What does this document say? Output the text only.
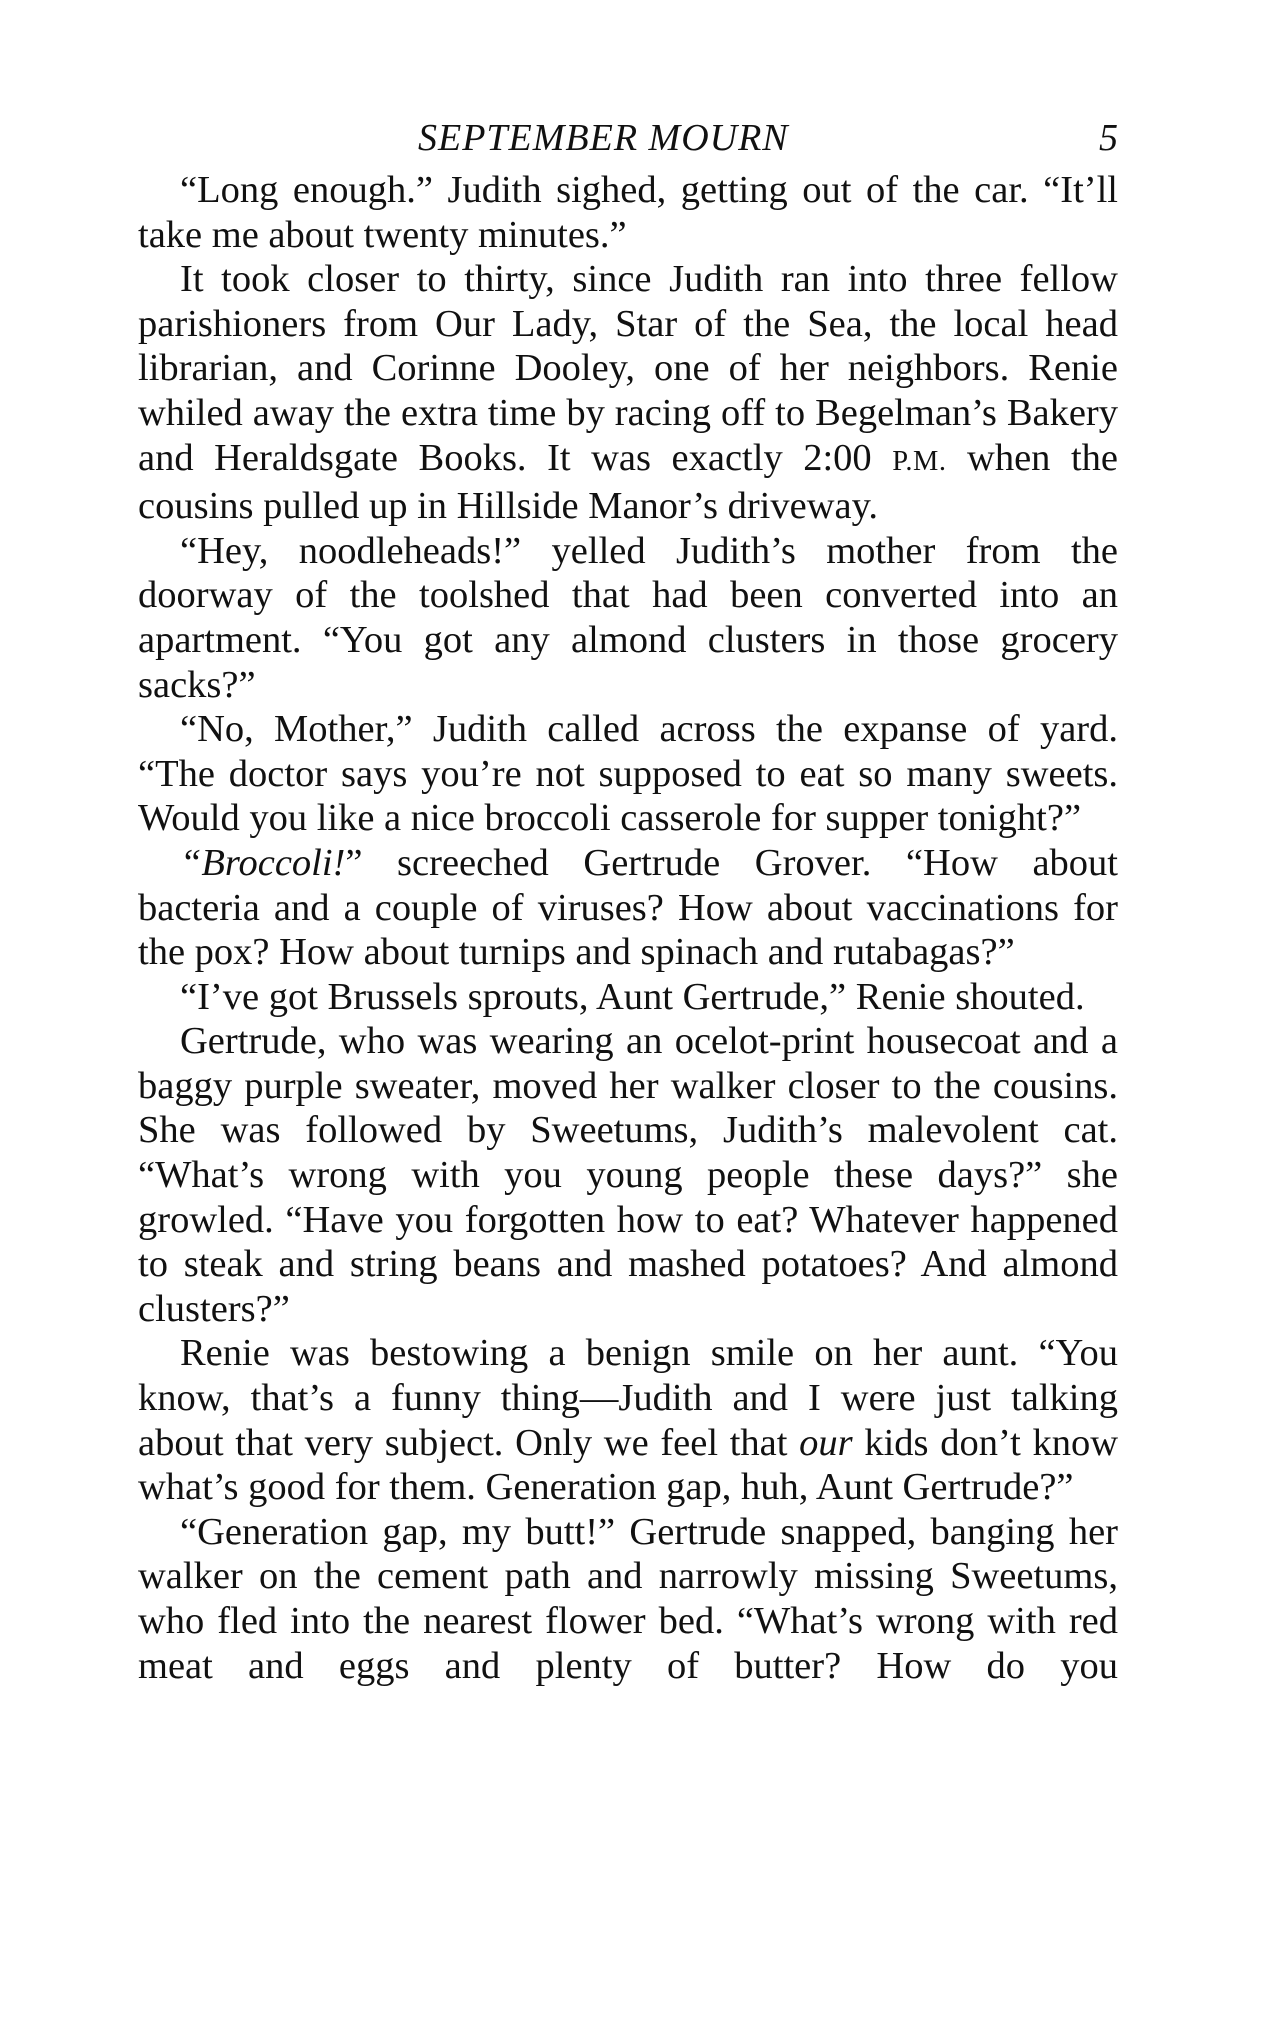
SEPTEMBER MOURN	5

“Long enough.” Judith sighed, getting out of the car. “It’ll take me about twenty minutes.”

It took closer to thirty, since Judith ran into three fellow parishioners from Our Lady, Star of the Sea, the local head librarian, and Corinne Dooley, one of her neighbors. Renie whiled away the extra time by racing off to Begelman’s Bakery and Heraldsgate Books. It was exactly 2:00 P.M. when the cousins pulled up in Hillside Manor’s driveway.

“Hey, noodleheads!” yelled Judith’s mother from the doorway of the toolshed that had been converted into an apartment. “You got any almond clusters in those grocery sacks?”

“No, Mother,” Judith called across the expanse of yard. “The doctor says you’re not supposed to eat so many sweets. Would you like a nice broccoli casserole for supper tonight?”

“Broccoli!” screeched Gertrude Grover. “How about bacteria and a couple of viruses? How about vaccinations for the pox? How about turnips and spinach and rutabagas?”

“I’ve got Brussels sprouts, Aunt Gertrude,” Renie shouted.

Gertrude, who was wearing an ocelot-print housecoat and a baggy purple sweater, moved her walker closer to the cousins. She was followed by Sweetums, Judith’s malevolent cat. “What’s wrong with you young people these days?” she growled. “Have you forgotten how to eat? Whatever happened to steak and string beans and mashed potatoes? And almond clusters?”

Renie was bestowing a benign smile on her aunt. “You know, that’s a funny thing—Judith and I were just talking about that very subject. Only we feel that our kids don’t know what’s good for them. Generation gap, huh, Aunt Gertrude?”

“Generation gap, my butt!” Gertrude snapped, banging her walker on the cement path and narrowly missing Sweetums, who fled into the nearest flower bed. “What’s wrong with red meat and eggs and plenty of butter? How do you
